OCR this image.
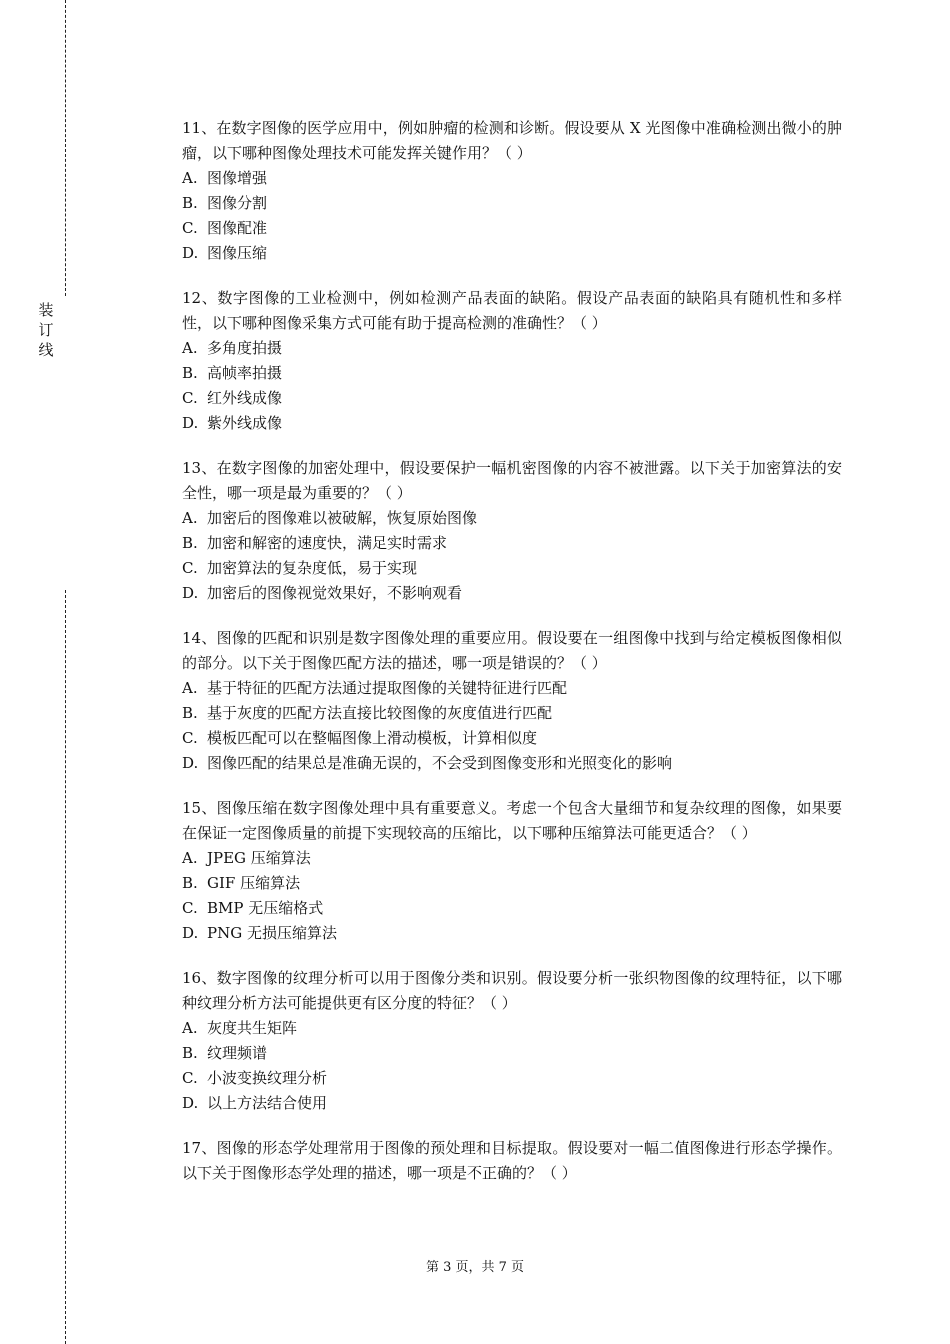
装
订
线

11、在数字图像的医学应用中，例如肿瘤的检测和诊断。假设要从 X 光图像中准确检测出微小的肿瘤，以下哪种图像处理技术可能发挥关键作用？（ ）

A. 图像增强

B. 图像分割

C. 图像配准

D. 图像压缩

12、数字图像的工业检测中，例如检测产品表面的缺陷。假设产品表面的缺陷具有随机性和多样性，以下哪种图像采集方式可能有助于提高检测的准确性？（ ）

A. 多角度拍摄

B. 高帧率拍摄

C. 红外线成像

D. 紫外线成像

13、在数字图像的加密处理中，假设要保护一幅机密图像的内容不被泄露。以下关于加密算法的安全性，哪一项是最为重要的？（ ）

A. 加密后的图像难以被破解，恢复原始图像

B. 加密和解密的速度快，满足实时需求

C. 加密算法的复杂度低，易于实现

D. 加密后的图像视觉效果好，不影响观看

14、图像的匹配和识别是数字图像处理的重要应用。假设要在一组图像中找到与给定模板图像相似的部分。以下关于图像匹配方法的描述，哪一项是错误的？（ ）

A. 基于特征的匹配方法通过提取图像的关键特征进行匹配

B. 基于灰度的匹配方法直接比较图像的灰度值进行匹配

C. 模板匹配可以在整幅图像上滑动模板，计算相似度

D. 图像匹配的结果总是准确无误的，不会受到图像变形和光照变化的影响

15、图像压缩在数字图像处理中具有重要意义。考虑一个包含大量细节和复杂纹理的图像，如果要在保证一定图像质量的前提下实现较高的压缩比，以下哪种压缩算法可能更适合？（ ）

A. JPEG 压缩算法

B. GIF 压缩算法

C. BMP 无压缩格式

D. PNG 无损压缩算法

16、数字图像的纹理分析可以用于图像分类和识别。假设要分析一张织物图像的纹理特征，以下哪种纹理分析方法可能提供更有区分度的特征？（ ）

A. 灰度共生矩阵

B. 纹理频谱

C. 小波变换纹理分析

D. 以上方法结合使用

17、图像的形态学处理常用于图像的预处理和目标提取。假设要对一幅二值图像进行形态学操作。以下关于图像形态学处理的描述，哪一项是不正确的？（ ）

第 3 页，共 7 页
